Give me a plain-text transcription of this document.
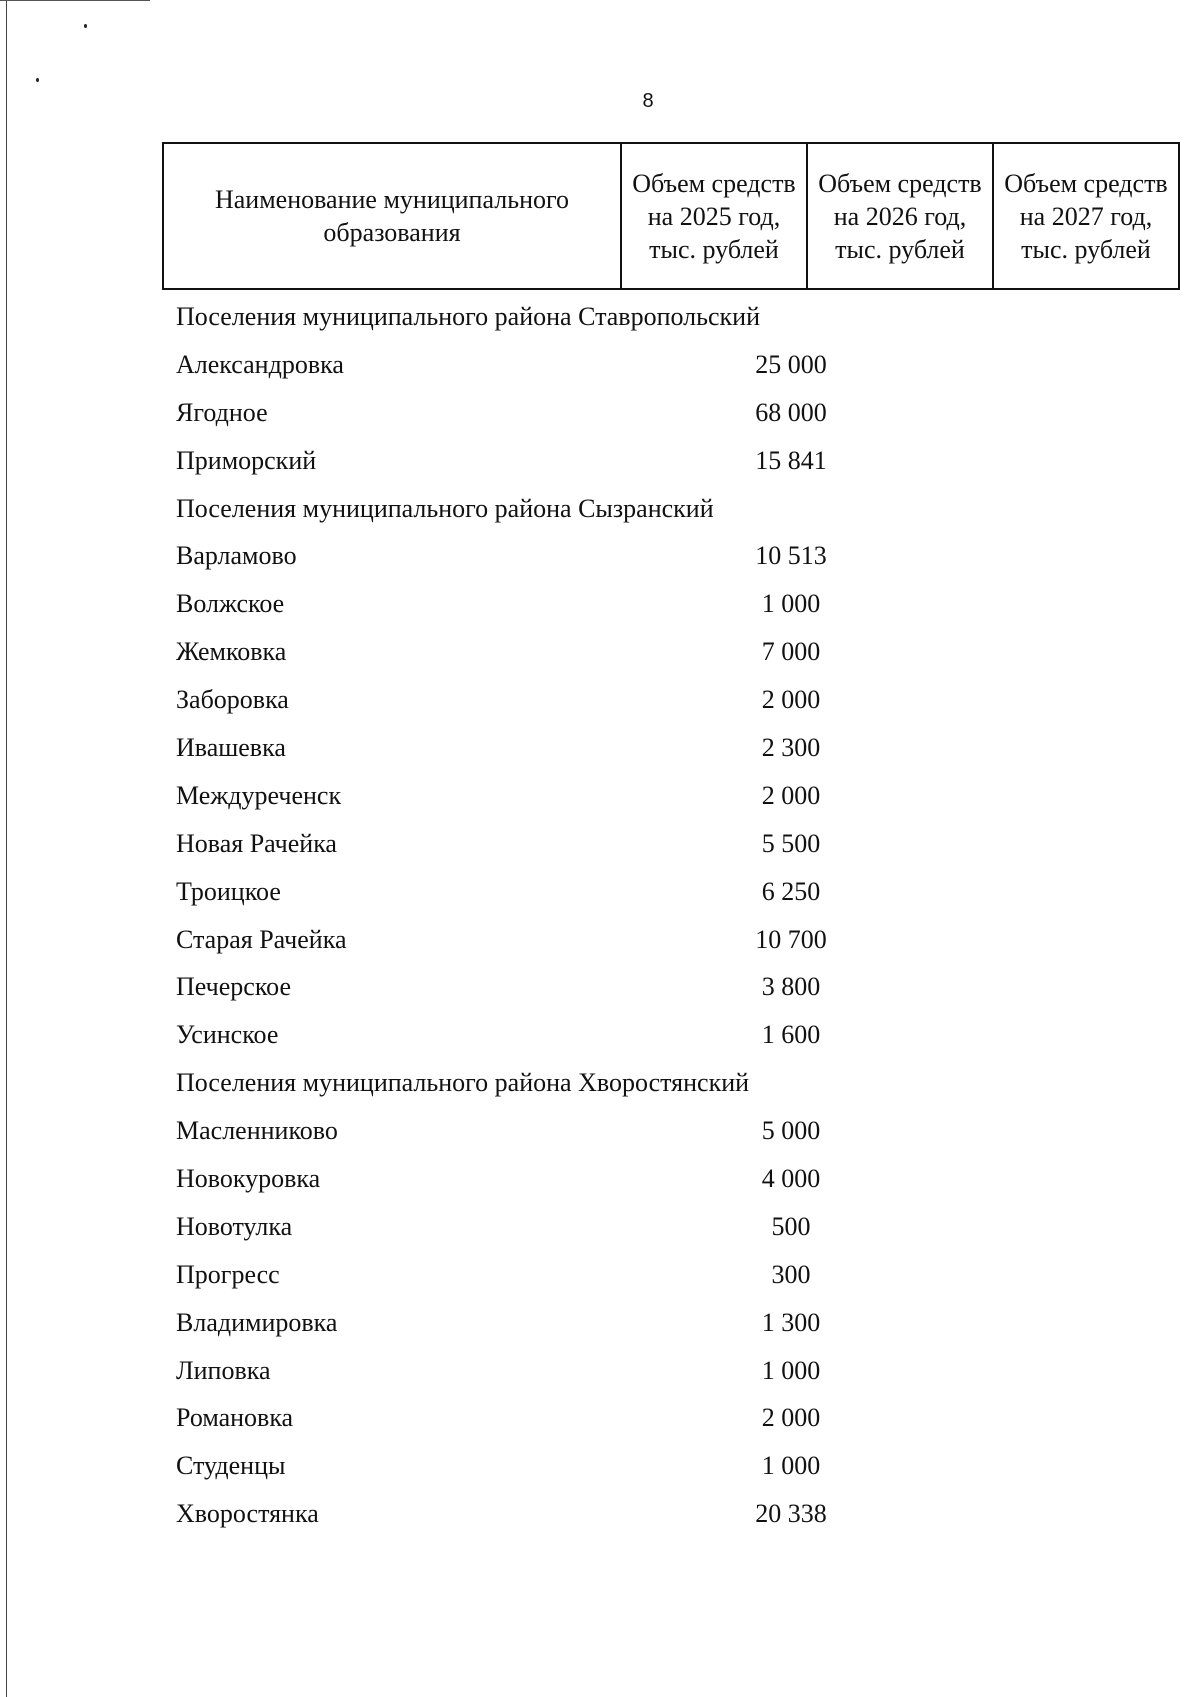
8
Наименование муниципального образования	Объем средств на 2025 год, тыс. рублей	Объем средств на 2026 год, тыс. рублей	Объем средств на 2027 год, тыс. рублей
Поселения муниципального района Ставропольский
Александровка	25 000
Ягодное	68 000
Приморский	15 841
Поселения муниципального района Сызранский
Варламово	10 513
Волжское	1 000
Жемковка	7 000
Заборовка	2 000
Ивашевка	2 300
Междуреченск	2 000
Новая Рачейка	5 500
Троицкое	6 250
Старая Рачейка	10 700
Печерское	3 800
Усинское	1 600
Поселения муниципального района Хворостянский
Масленниково	5 000
Новокуровка	4 000
Новотулка	500
Прогресс	300
Владимировка	1 300
Липовка	1 000
Романовка	2 000
Студенцы	1 000
Хворостянка	20 338
